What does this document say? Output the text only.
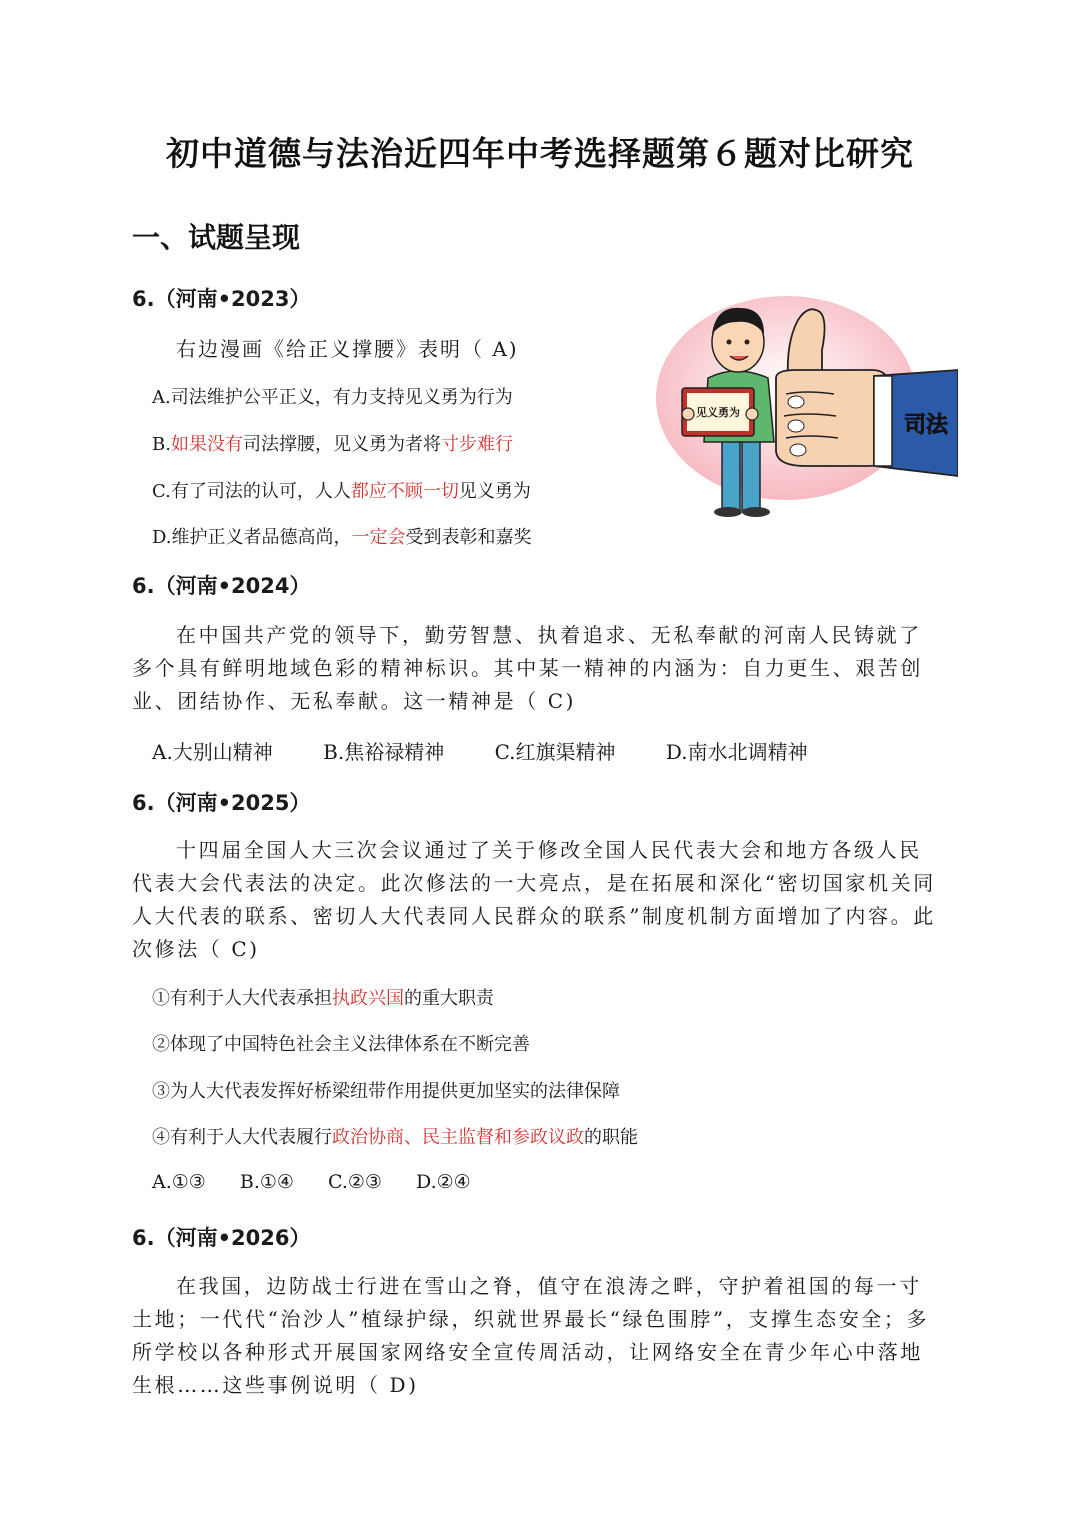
初中道德与法治近四年中考选择题第６题对比研究
一、试题呈现
6.（河南•2023）
右边漫画《给正义撑腰》表明（ A)
A.司法维护公平正义，有力支持见义勇为行为
B.如果没有司法撑腰，见义勇为者将寸步难行
C.有了司法的认可，人人都应不顾一切见义勇为
D.维护正义者品德高尚，一定会受到表彰和嘉奖
见义勇为
司法
6.（河南•2024）
在中国共产党的领导下，勤劳智慧、执着追求、无私奉献的河南人民铸就了多个具有鲜明地域色彩的精神标识。其中某一精神的内涵为：自力更生、艰苦创业、团结协作、无私奉献。这一精神是（ C)
A.大别山精神	B.焦裕禄精神	C.红旗渠精神	D.南水北调精神
6.（河南•2025）
十四届全国人大三次会议通过了关于修改全国人民代表大会和地方各级人民代表大会代表法的决定。此次修法的一大亮点，是在拓展和深化“密切国家机关同人大代表的联系、密切人大代表同人民群众的联系”制度机制方面增加了内容。此次修法（ C)
①有利于人大代表承担执政兴国的重大职责
②体现了中国特色社会主义法律体系在不断完善
③为人大代表发挥好桥梁纽带作用提供更加坚实的法律保障
④有利于人大代表履行政治协商、民主监督和参政议政的职能
A.①③ B.①④ C.②③ D.②④
6.（河南•2026）
在我国，边防战士行进在雪山之脊，值守在浪涛之畔，守护着祖国的每一寸土地；一代代“治沙人”植绿护绿，织就世界最长“绿色围脖”，支撑生态安全；多所学校以各种形式开展国家网络安全宣传周活动，让网络安全在青少年心中落地生根……这些事例说明（ D)
